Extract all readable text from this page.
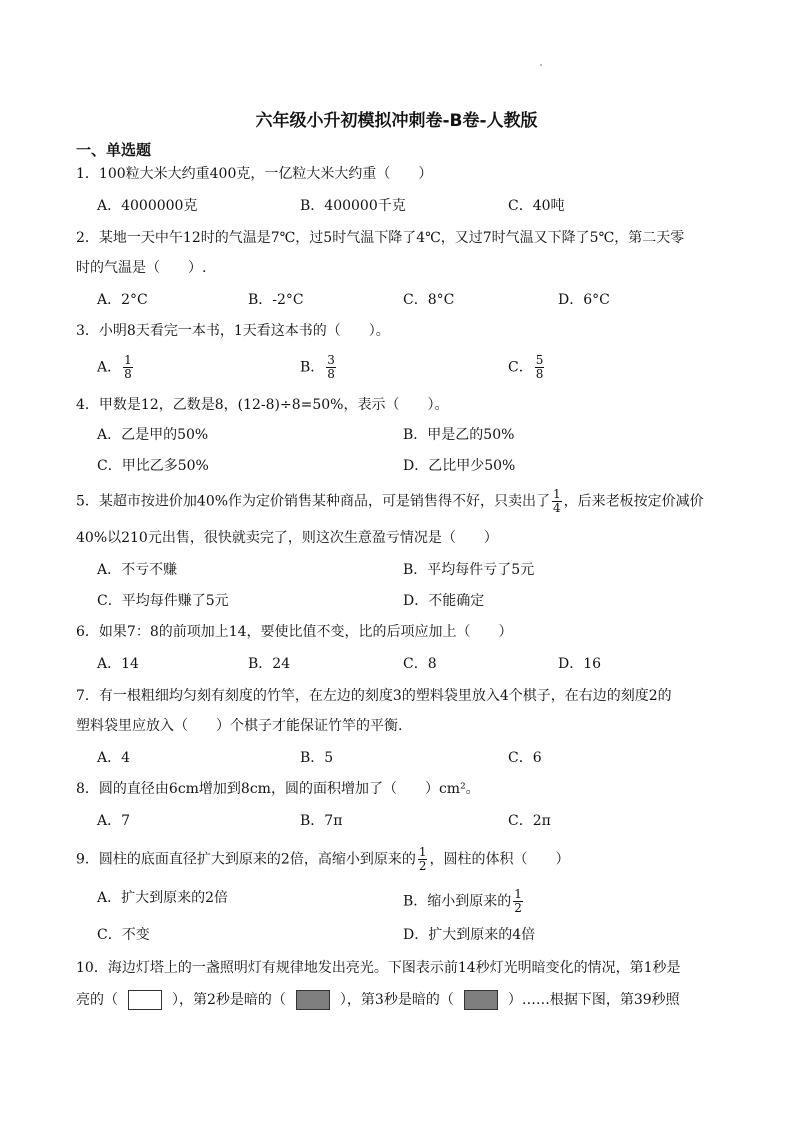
六年级小升初模拟冲刺卷-B卷-人教版
一、单选题
1．100粒大米大约重400克，一亿粒大米大约重（　　）
A．4000000克	B．400000千克	C．40吨
2．某地一天中午12时的气温是7℃，过5时气温下降了4℃，又过7时气温又下降了5℃，第二天零
时的气温是（　　）.
A．2°C	B．-2°C	C．8°C	D．6°C
3．小明8天看完一本书，1天看这本书的（　　）。
A． $\frac{1}{8}$	B． $\frac{3}{8}$	C． $\frac{5}{8}$
4．甲数是12，乙数是8，(12-8)÷8=50%，表示（　　）。
A．乙是甲的50%	B．甲是乙的50%
C．甲比乙多50%	D．乙比甲少50%
5．某超市按进价加40%作为定价销售某种商品，可是销售得不好，只卖出了 $\frac{1}{4}$ ，后来老板按定价减价
40%以210元出售，很快就卖完了，则这次生意盈亏情况是（　　）
A．不亏不赚	B．平均每件亏了5元
C．平均每件赚了5元	D．不能确定
6．如果7：8的前项加上14，要使比值不变，比的后项应加上（　　）
A．14	B．24	C．8	D．16
7．有一根粗细均匀刻有刻度的竹竿，在左边的刻度3的塑料袋里放入4个棋子，在右边的刻度2的
塑料袋里应放入（　　）个棋子才能保证竹竿的平衡.
A．4	B．5	C．6
8．圆的直径由6cm增加到8cm，圆的面积增加了（　　）cm²。
A．7	B．7π	C．2π
9．圆柱的底面直径扩大到原来的2倍，高缩小到原来的 $\frac{1}{2}$ ，圆柱的体积（　　）
A．扩大到原来的2倍	B．缩小到原来的 $\frac{1}{2}$
C．不变	D．扩大到原来的4倍
10．海边灯塔上的一盏照明灯有规律地发出亮光。下图表示前14秒灯光明暗变化的情况，第1秒是
亮的（	），第2秒是暗的（	），第3秒是暗的（	）……根据下图，第39秒照
